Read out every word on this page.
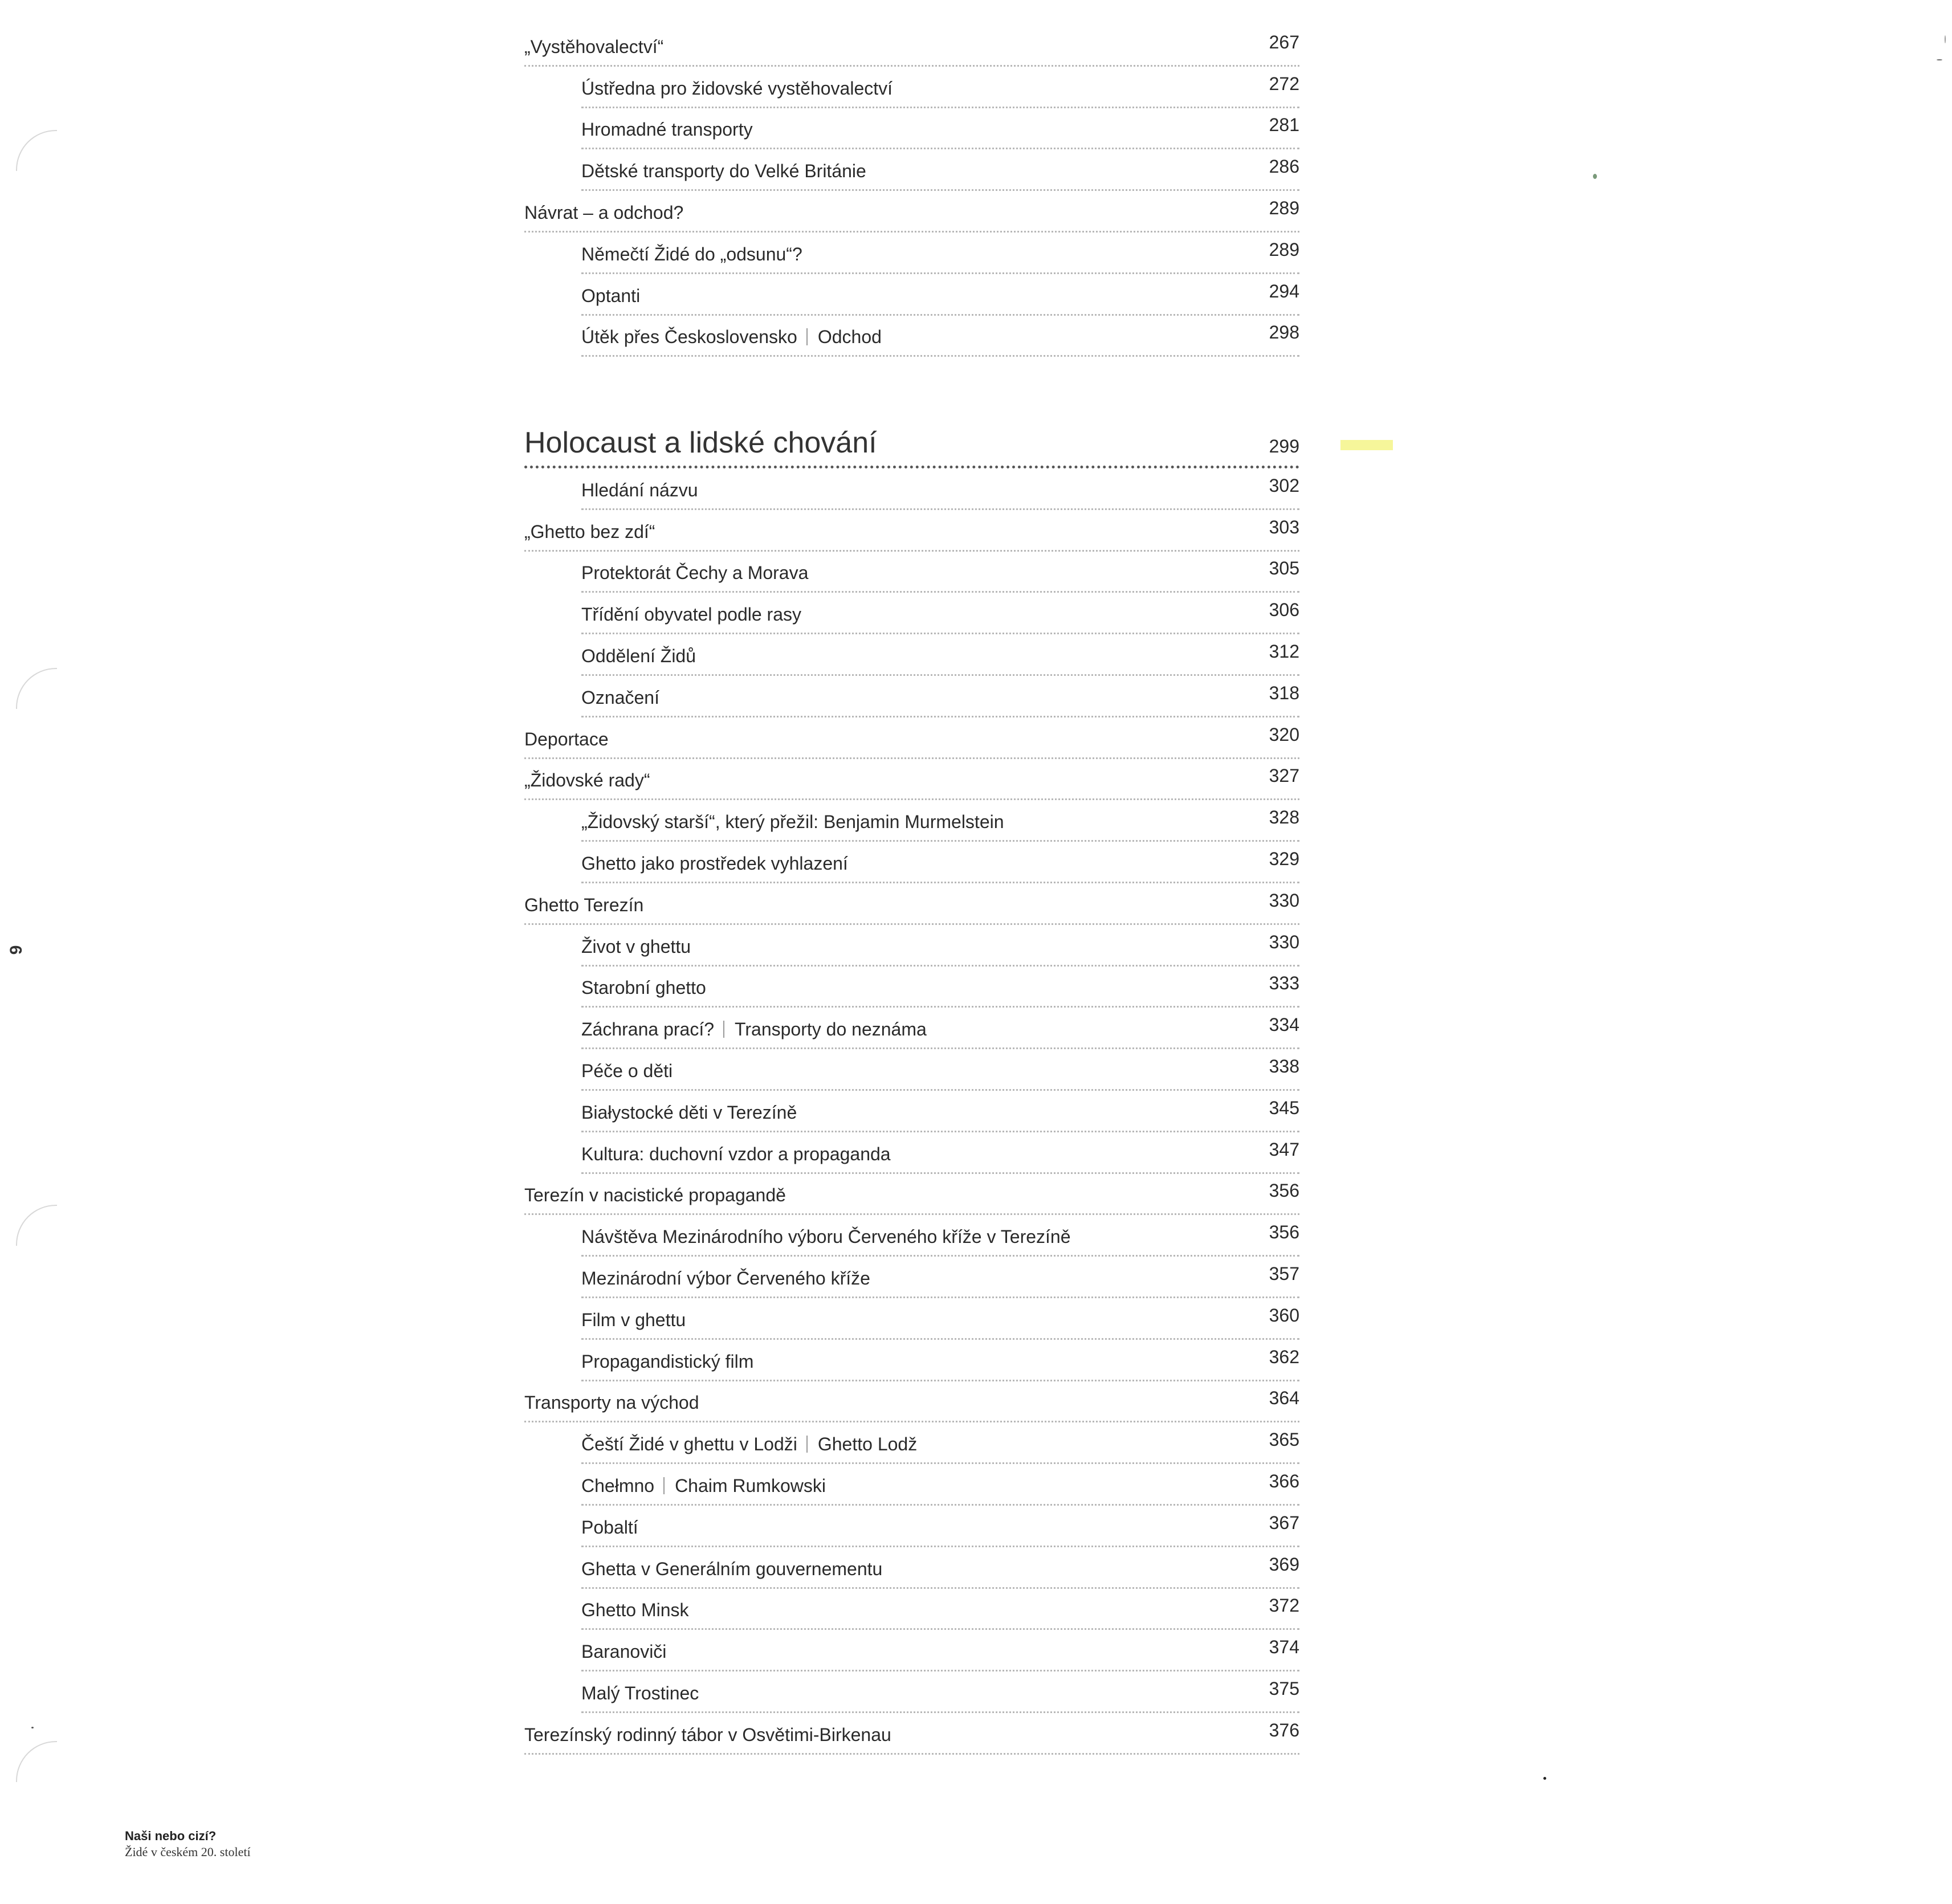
„Vystěhovalectví“	267
Ústředna pro židovské vystěhovalectví	272
Hromadné transporty	281
Dětské transporty do Velké Británie	286
Návrat – a odchod?	289
Němečtí Židé do „odsunu“?	289
Optanti	294
Útěk přes Československo Odchod	298
Holocaust a lidské chování	299
Hledání názvu	302
„Ghetto bez zdí“	303
Protektorát Čechy a Morava	305
Třídění obyvatel podle rasy	306
Oddělení Židů	312
Označení	318
Deportace	320
„Židovské rady“	327
„Židovský starší“, který přežil: Benjamin Murmelstein	328
Ghetto jako prostředek vyhlazení	329
Ghetto Terezín	330
Život v ghettu	330
Starobní ghetto	333
Záchrana prací? Transporty do neznáma	334
Péče o děti	338
Białystocké děti v Terezíně	345
Kultura: duchovní vzdor a propaganda	347
Terezín v nacistické propagandě	356
Návštěva Mezinárodního výboru Červeného kříže v Terezíně	356
Mezinárodní výbor Červeného kříže	357
Film v ghettu	360
Propagandistický film	362
Transporty na východ	364
Čeští Židé v ghettu v Lodži Ghetto Lodž	365
Chełmno Chaim Rumkowski	366
Pobaltí	367
Ghetta v Generálním gouvernementu	369
Ghetto Minsk	372
Baranoviči	374
Malý Trostinec	375
Terezínský rodinný tábor v Osvětimi-Birkenau	376
6
Naši nebo cizí?
Židé v českém 20. století
